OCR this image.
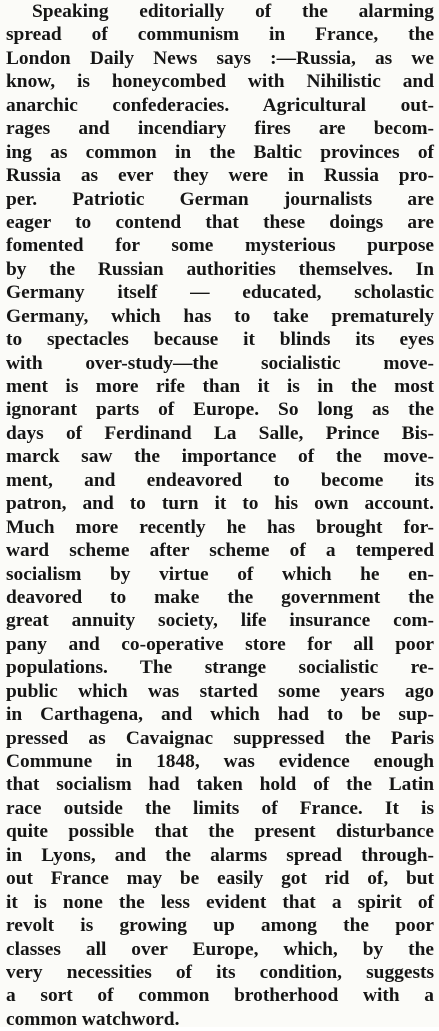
Speaking editorially of the alarming
spread of communism in France, the
London Daily News says :—Russia, as we
know, is honeycombed with Nihilistic and
anarchic confederacies. Agricultural out-
rages and incendiary fires are becom-
ing as common in the Baltic provinces of
Russia as ever they were in Russia pro-
per. Patriotic German journalists are
eager to contend that these doings are
fomented for some mysterious purpose
by the Russian authorities themselves. In
Germany itself — educated, scholastic
Germany, which has to take prematurely
to spectacles because it blinds its eyes
with over-study—the socialistic move-
ment is more rife than it is in the most
ignorant parts of Europe. So long as the
days of Ferdinand La Salle, Prince Bis-
marck saw the importance of the move-
ment, and endeavored to become its
patron, and to turn it to his own account.
Much more recently he has brought for-
ward scheme after scheme of a tempered
socialism by virtue of which he en-
deavored to make the government the
great annuity society, life insurance com-
pany and co-operative store for all poor
populations. The strange socialistic re-
public which was started some years ago
in Carthagena, and which had to be sup-
pressed as Cavaignac suppressed the Paris
Commune in 1848, was evidence enough
that socialism had taken hold of the Latin
race outside the limits of France. It is
quite possible that the present disturbance
in Lyons, and the alarms spread through-
out France may be easily got rid of, but
it is none the less evident that a spirit of
revolt is growing up among the poor
classes all over Europe, which, by the
very necessities of its condition, suggests
a sort of common brotherhood with a
common watchword.
